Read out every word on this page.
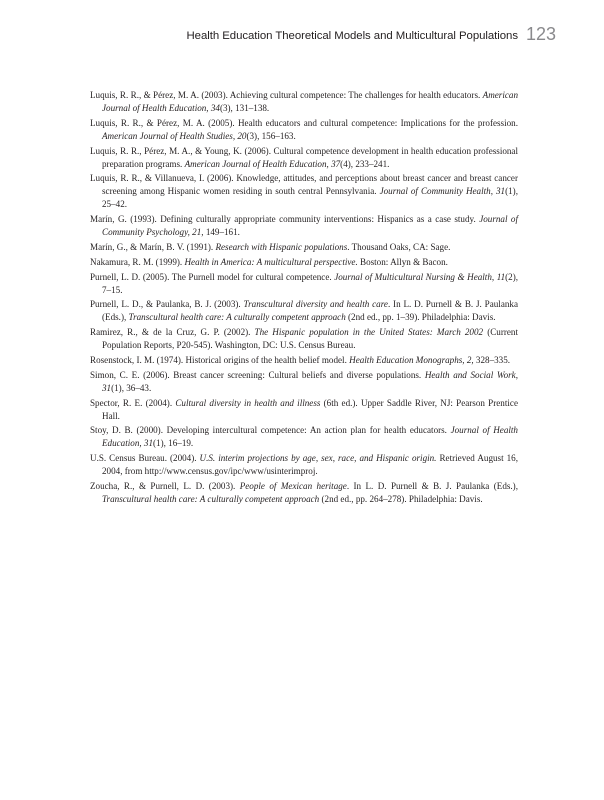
Health Education Theoretical Models and Multicultural Populations 123
Luquis, R. R., & Pérez, M. A. (2003). Achieving cultural competence: The challenges for health educators. American Journal of Health Education, 34(3), 131–138.
Luquis, R. R., & Pérez, M. A. (2005). Health educators and cultural competence: Implications for the profession. American Journal of Health Studies, 20(3), 156–163.
Luquis, R. R., Pérez, M. A., & Young, K. (2006). Cultural competence development in health education professional preparation programs. American Journal of Health Education, 37(4), 233–241.
Luquis, R. R., & Villanueva, I. (2006). Knowledge, attitudes, and perceptions about breast cancer and breast cancer screening among Hispanic women residing in south central Pennsylvania. Journal of Community Health, 31(1), 25–42.
Marín, G. (1993). Defining culturally appropriate community interventions: Hispanics as a case study. Journal of Community Psychology, 21, 149–161.
Marín, G., & Marín, B. V. (1991). Research with Hispanic populations. Thousand Oaks, CA: Sage.
Nakamura, R. M. (1999). Health in America: A multicultural perspective. Boston: Allyn & Bacon.
Purnell, L. D. (2005). The Purnell model for cultural competence. Journal of Multicultural Nursing & Health, 11(2), 7–15.
Purnell, L. D., & Paulanka, B. J. (2003). Transcultural diversity and health care. In L. D. Purnell & B. J. Paulanka (Eds.), Transcultural health care: A culturally competent approach (2nd ed., pp. 1–39). Philadelphia: Davis.
Ramirez, R., & de la Cruz, G. P. (2002). The Hispanic population in the United States: March 2002 (Current Population Reports, P20-545). Washington, DC: U.S. Census Bureau.
Rosenstock, I. M. (1974). Historical origins of the health belief model. Health Education Monographs, 2, 328–335.
Simon, C. E. (2006). Breast cancer screening: Cultural beliefs and diverse populations. Health and Social Work, 31(1), 36–43.
Spector, R. E. (2004). Cultural diversity in health and illness (6th ed.). Upper Saddle River, NJ: Pearson Prentice Hall.
Stoy, D. B. (2000). Developing intercultural competence: An action plan for health educators. Journal of Health Education, 31(1), 16–19.
U.S. Census Bureau. (2004). U.S. interim projections by age, sex, race, and Hispanic origin. Retrieved August 16, 2004, from http://www.census.gov/ipc/www/usinterimproj.
Zoucha, R., & Purnell, L. D. (2003). People of Mexican heritage. In L. D. Purnell & B. J. Paulanka (Eds.), Transcultural health care: A culturally competent approach (2nd ed., pp. 264–278). Philadelphia: Davis.
